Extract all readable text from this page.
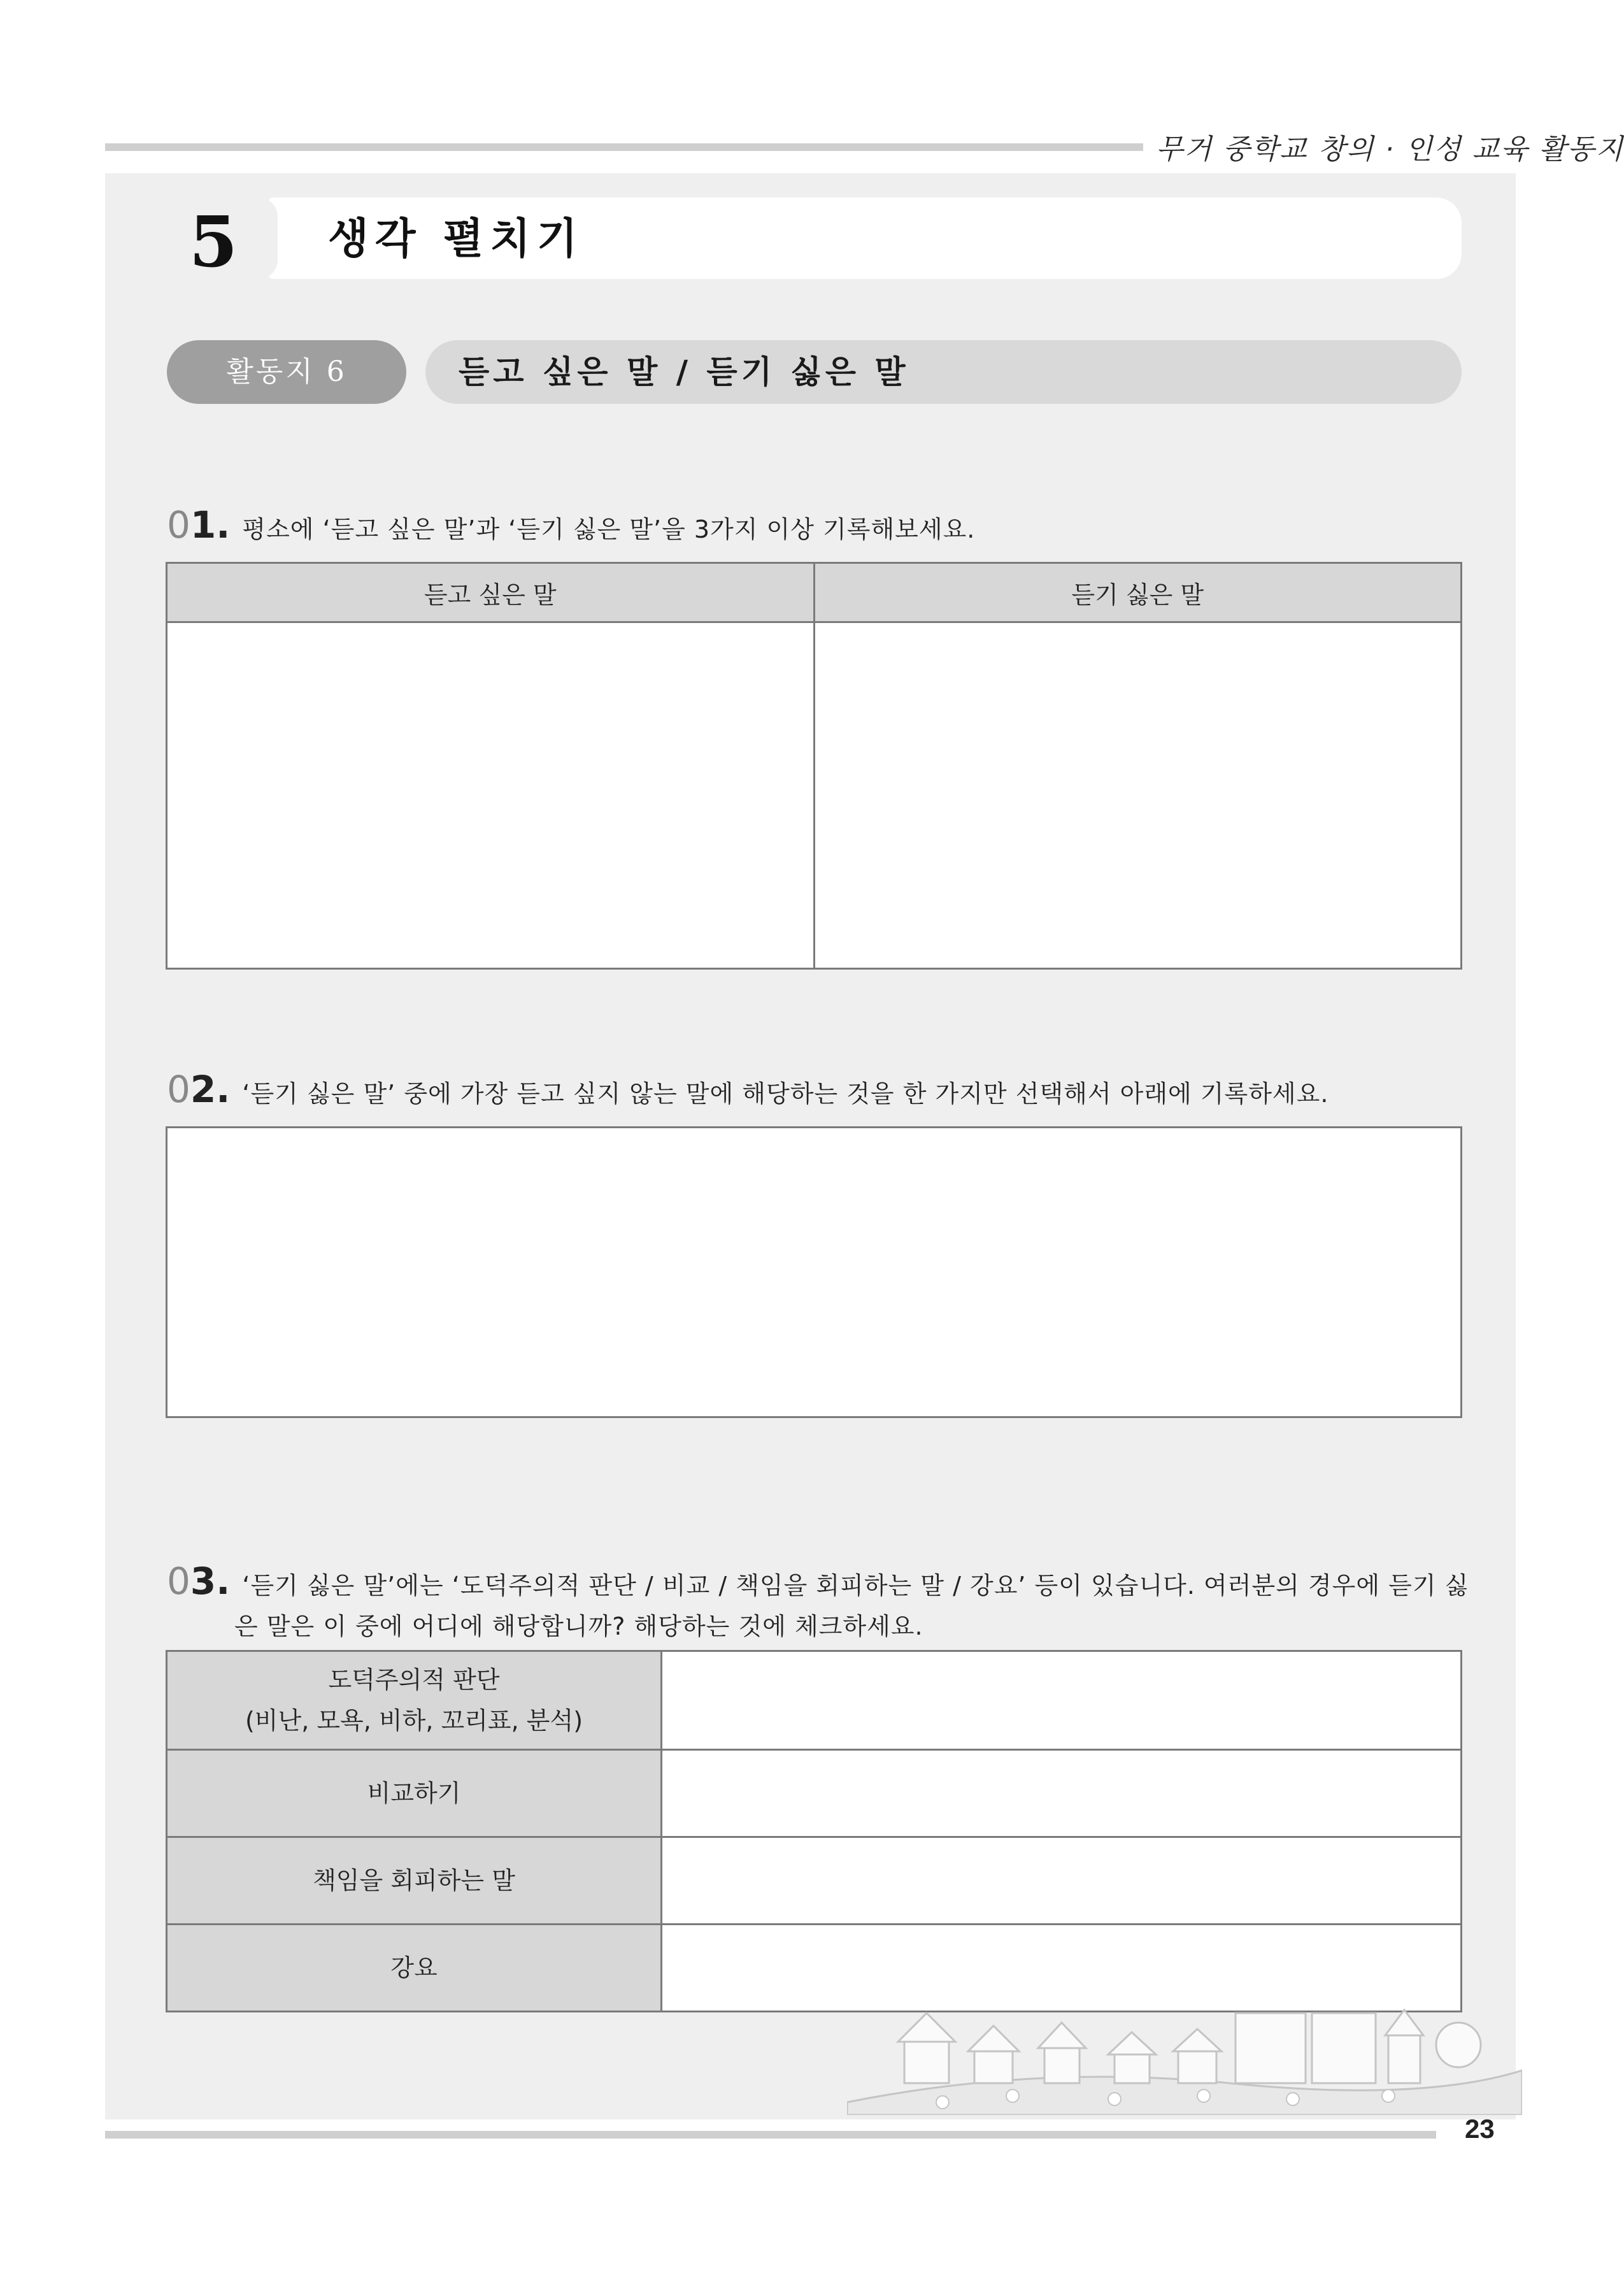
무거 중학교 창의 · 인성 교육 활동지
5 생각 펼치기
활동지 6	듣고 싶은 말 / 듣기 싫은 말
01. 평소에 ‘듣고 싶은 말’과 ‘듣기 싫은 말’을 3가지 이상 기록해보세요.
듣고 싶은 말	듣기 싫은 말

02. ‘듣기 싫은 말’ 중에 가장 듣고 싶지 않는 말에 해당하는 것을 한 가지만 선택해서 아래에 기록하세요.
03. ‘듣기 싫은 말’에는 ‘도덕주의적 판단 / 비교 / 책임을 회피하는 말 / 강요’ 등이 있습니다. 여러분의 경우에 듣기 싫
은 말은 이 중에 어디에 해당합니까? 해당하는 것에 체크하세요.
도덕주의적 판단
(비난, 모욕, 비하, 꼬리표, 분석)	

비교하기	
책임을 회피하는 말	
강요	
23
